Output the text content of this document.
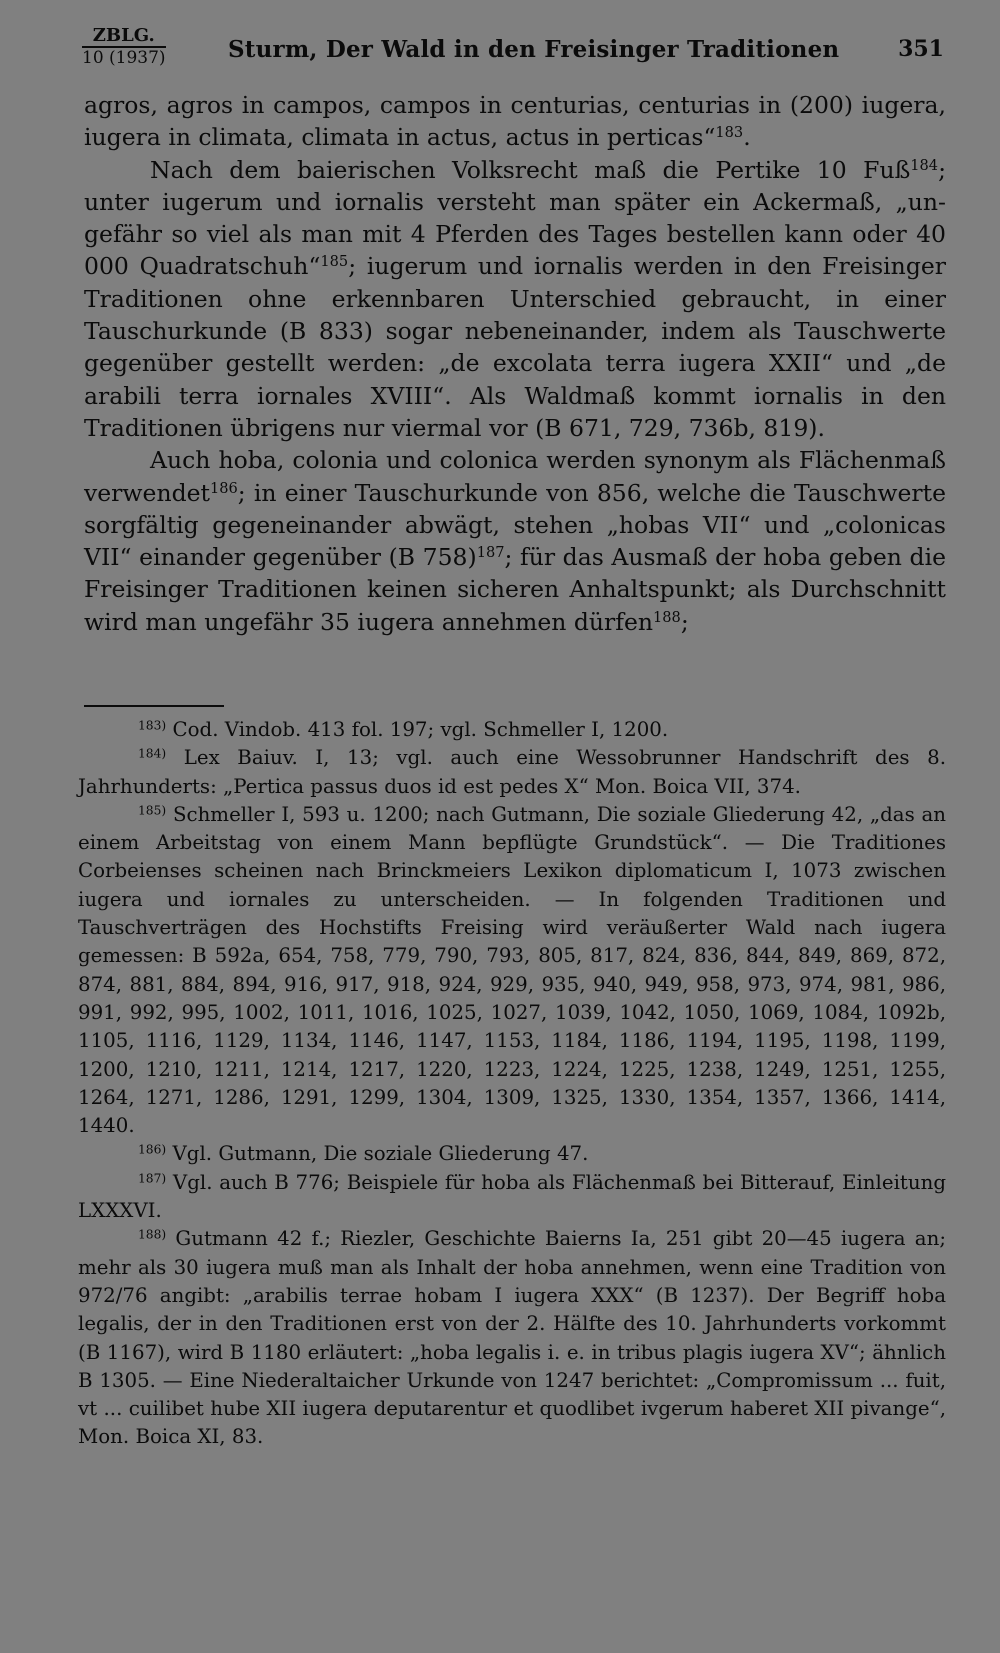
ZBLG.
10 (1937)	Sturm, Der Wald in den Freisinger Traditionen	351

agros, agros in campos, campos in centurias, centurias in (200) iugera, iugera in climata, climata in actus, actus in perticas“$^{183}$.

Nach dem baierischen Volksrecht maß die Pertike 10 Fuß$^{184}$; unter iugerum und iornalis versteht man später ein Ackermaß, „ungefähr so viel als man mit 4 Pferden des Tages bestellen kann oder 40 000 Quadratschuh“$^{185}$; iugerum und iornalis werden in den Freisinger Traditionen ohne erkennbaren Unterschied gebraucht, in einer Tauschurkunde (B 833) sogar nebeneinander, indem als Tauschwerte gegenüber gestellt werden: „de excolata terra iugera XXII“ und „de arabili terra iornales XVIII“. Als Waldmaß kommt iornalis in den Traditionen übrigens nur viermal vor (B 671, 729, 736b, 819).

Auch hoba, colonia und colonica werden synonym als Flächenmaß verwendet$^{186}$; in einer Tauschurkunde von 856, welche die Tauschwerte sorgfältig gegeneinander abwägt, stehen „hobas VII“ und „colonicas VII“ einander gegenüber (B 758)$^{187}$; für das Ausmaß der hoba geben die Freisinger Traditionen keinen sicheren Anhaltspunkt; als Durchschnitt wird man ungefähr 35 iugera annehmen dürfen$^{188}$;

$^{183)}$ Cod. Vindob. 413 fol. 197; vgl. Schmeller I, 1200.

$^{184)}$ Lex Baiuv. I, 13; vgl. auch eine Wessobrunner Handschrift des 8. Jahrhunderts: „Pertica passus duos id est pedes X“ Mon. Boica VII, 374.

$^{185)}$ Schmeller I, 593 u. 1200; nach Gutmann, Die soziale Gliederung 42, „das an einem Arbeitstag von einem Mann bepflügte Grundstück“. — Die Traditiones Corbeienses scheinen nach Brinckmeiers Lexikon diplomaticum I, 1073 zwischen iugera und iornales zu unterscheiden. — In folgenden Traditionen und Tauschverträgen des Hochstifts Freising wird veräußerter Wald nach iugera gemessen: B 592a, 654, 758, 779, 790, 793, 805, 817, 824, 836, 844, 849, 869, 872, 874, 881, 884, 894, 916, 917, 918, 924, 929, 935, 940, 949, 958, 973, 974, 981, 986, 991, 992, 995, 1002, 1011, 1016, 1025, 1027, 1039, 1042, 1050, 1069, 1084, 1092b, 1105, 1116, 1129, 1134, 1146, 1147, 1153, 1184, 1186, 1194, 1195, 1198, 1199, 1200, 1210, 1211, 1214, 1217, 1220, 1223, 1224, 1225, 1238, 1249, 1251, 1255, 1264, 1271, 1286, 1291, 1299, 1304, 1309, 1325, 1330, 1354, 1357, 1366, 1414, 1440.

$^{186)}$ Vgl. Gutmann, Die soziale Gliederung 47.

$^{187)}$ Vgl. auch B 776; Beispiele für hoba als Flächenmaß bei Bitterauf, Einleitung LXXXVI.

$^{188)}$ Gutmann 42 f.; Riezler, Geschichte Baierns Ia, 251 gibt 20—45 iugera an; mehr als 30 iugera muß man als Inhalt der hoba annehmen, wenn eine Tradition von 972/76 angibt: „arabilis terrae hobam I iugera XXX“ (B 1237). Der Begriff hoba legalis, der in den Traditionen erst von der 2. Hälfte des 10. Jahrhunderts vorkommt (B 1167), wird B 1180 erläutert: „hoba legalis i. e. in tribus plagis iugera XV“; ähnlich B 1305. — Eine Niederaltaicher Urkunde von 1247 berichtet: „Compromissum ... fuit, vt ... cuilibet hube XII iugera deputarentur et quodlibet ivgerum haberet XII pivange“, Mon. Boica XI, 83.
